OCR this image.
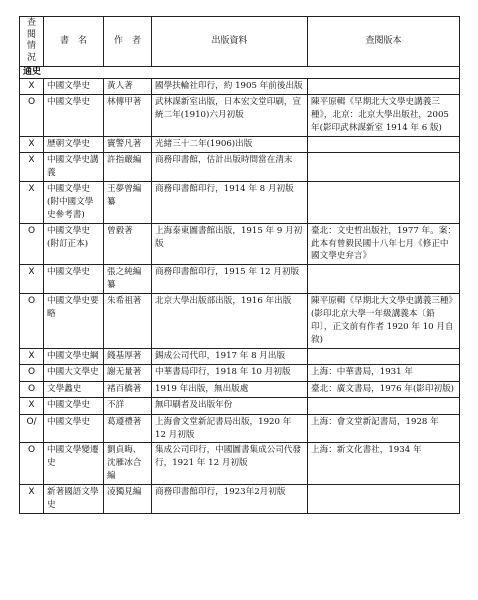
查閱
情況	書　名	作　者	出版資料	查閱版本
通史				
X	中國文學史	黃人著	國學扶輪社印行，約 1905 年前後出版	
O	中國文學史	林傳甲著	武林謀新室出版，日本宏文堂印刷，宣統二年(1910)六月初版	陳平原輯《早期北大文學史講義三種》，北京：北京大學出版社，2005 年(影印武林謀新室 1914 年 6 版)
X	歷朝文學史	竇警凡著	光緒三十二年(1906)出版	
X	中國文學史講義	許指嚴編	商務印書館，估計出版時間當在清末	
X	中國文學史(附中國文學史參考書)	王夢曾編纂	商務印書館印行，1914 年 8 月初版	
O	中國文學史(附訂正本)	曾毅著	上海泰東圖書館出版，1915 年 9 月初版	臺北：文史哲出版社，1977 年。案：此本有曾毅民國十八年七月《修正中國文學史弁言》
X	中國文學史	張之純編纂	商務印書館印行，1915 年 12 月初版	
O	中國文學史要略	朱希祖著	北京大學出版部出版，1916 年出版	陳平原輯《早期北大文學史講義三種》(影印北京大學一年級講義本〔鉛印〕，正文前有作者 1920 年 10 月自敘)
X	中國文學史綱	錢基厚著	錫成公司代印，1917 年 8 月出版	
O	中國大文學史	謝无量著	中華書局印行，1918 年 10 月初版	上海：中華書局，1931 年
O	文學蠡史	褚百橋著	1919 年出版，無出版處	臺北：廣文書局，1976 年(影印初版)
X	中國文學史	不詳	無印刷者及出版年份	
O/	中國文學史	葛遵禮著	上海會文堂新記書局出版，1920 年 12 月初版	上海：會文堂新記書局，1928 年
O	中國文學變遷史	劉貞晦、沈雁冰合編	集成公司印行，中國圖書集成公司代發行，1921 年 12 月初版	上海：新文化書社，1934 年
X	新著國語文學史	凌獨見編	商務印書館印行，1923年2月初版	
